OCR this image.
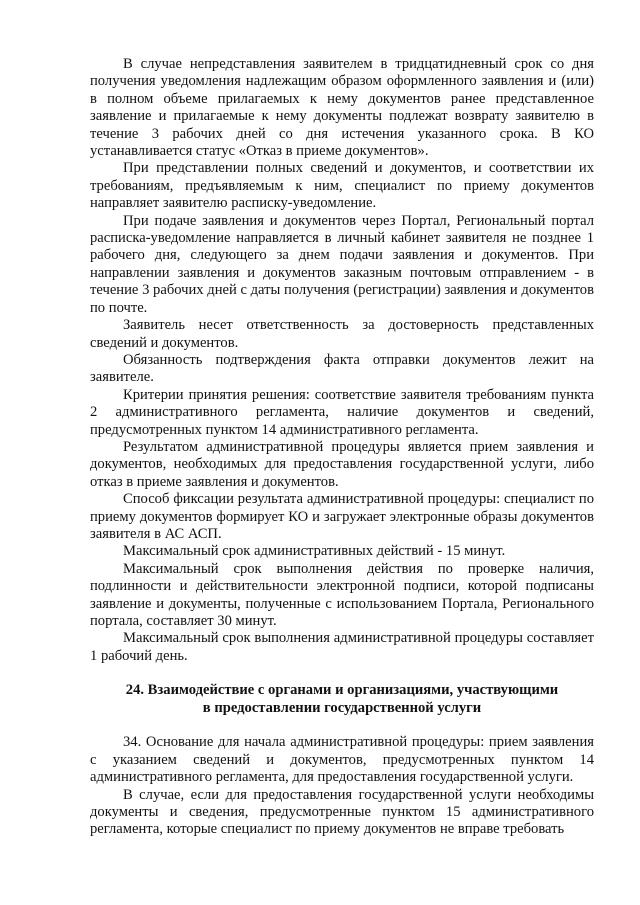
В случае непредставления заявителем в тридцатидневный срок со дня получения уведомления надлежащим образом оформленного заявления и (или) в полном объеме прилагаемых к нему документов ранее представленное заявление и прилагаемые к нему документы подлежат возврату заявителю в течение 3 рабочих дней со дня истечения указанного срока. В КО устанавливается статус «Отказ в приеме документов».

При представлении полных сведений и документов, и соответствии их требованиям, предъявляемым к ним, специалист по приему документов направляет заявителю расписку-уведомление.

При подаче заявления и документов через Портал, Региональный портал расписка-уведомление направляется в личный кабинет заявителя не позднее 1 рабочего дня, следующего за днем подачи заявления и документов. При направлении заявления и документов заказным почтовым отправлением - в течение 3 рабочих дней с даты получения (регистрации) заявления и документов по почте.

Заявитель несет ответственность за достоверность представленных сведений и документов.

Обязанность подтверждения факта отправки документов лежит на заявителе.

Критерии принятия решения: соответствие заявителя требованиям пункта 2 административного регламента, наличие документов и сведений, предусмотренных пунктом 14 административного регламента.

Результатом административной процедуры является прием заявления и документов, необходимых для предоставления государственной услуги, либо отказ в приеме заявления и документов.

Способ фиксации результата административной процедуры: специалист по приему документов формирует КО и загружает электронные образы документов заявителя в АС АСП.

Максимальный срок административных действий - 15 минут.

Максимальный срок выполнения действия по проверке наличия, подлинности и действительности электронной подписи, которой подписаны заявление и документы, полученные с использованием Портала, Регионального портала, составляет 30 минут.

Максимальный срок выполнения административной процедуры составляет 1 рабочий день.

24. Взаимодействие с органами и организациями, участвующими
в предоставлении государственной услуги

34. Основание для начала административной процедуры: прием заявления с указанием сведений и документов, предусмотренных пунктом 14 административного регламента, для предоставления государственной услуги.

В случае, если для предоставления государственной услуги необходимы документы и сведения, предусмотренные пунктом 15 административного регламента, которые специалист по приему документов не вправе требовать
